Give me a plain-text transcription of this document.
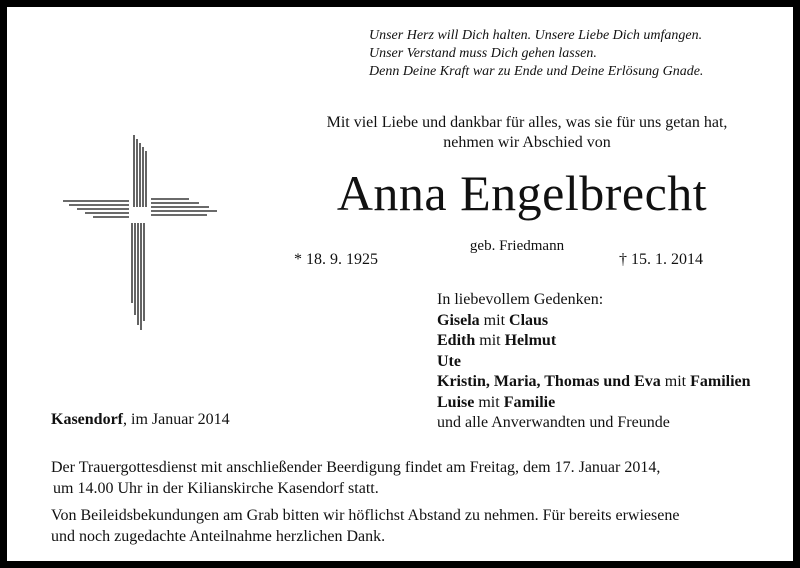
Unser Herz will Dich halten. Unsere Liebe Dich umfangen.
Unser Verstand muss Dich gehen lassen.
Denn Deine Kraft war zu Ende und Deine Erlösung Gnade.
Mit viel Liebe und dankbar für alles, was sie für uns getan hat,
nehmen wir Abschied von
Anna Engelbrecht
geb. Friedmann
* 18. 9. 1925	† 15. 1. 2014
In liebevollem Gedenken:
Gisela mit Claus
Edith mit Helmut
Ute
Kristin, Maria, Thomas und Eva mit Familien
Luise mit Familie
und alle Anverwandten und Freunde
Kasendorf, im Januar 2014
Der Trauergottesdienst mit anschließender Beerdigung findet am Freitag, dem 17. Januar 2014,
um 14.00 Uhr in der Kilianskirche Kasendorf statt.
Von Beileidsbekundungen am Grab bitten wir höflichst Abstand zu nehmen. Für bereits erwiesene
und noch zugedachte Anteilnahme herzlichen Dank.
